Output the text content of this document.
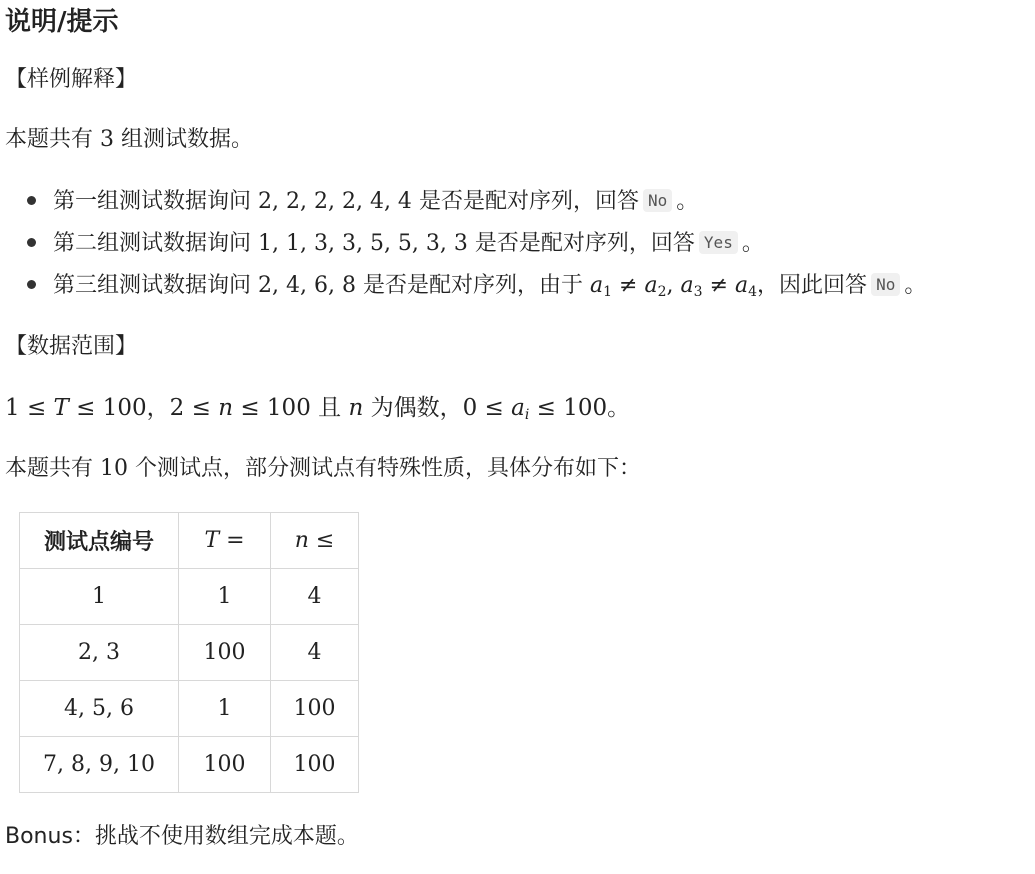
说明/提示
【样例解释】
本题共有 3 组测试数据。
第一组测试数据询问 2, 2, 2, 2, 4, 4 是否是配对序列，回答 No 。
第二组测试数据询问 1, 1, 3, 3, 5, 5, 3, 3 是否是配对序列，回答 Yes 。
第三组测试数据询问 2, 4, 6, 8 是否是配对序列，由于 $a_1 \ne a_2$, $a_3 \ne a_4$，因此回答 No 。
【数据范围】
1 ≤ T ≤ 100，2 ≤ n ≤ 100 且 n 为偶数，$0 \le a_i \le 100$。
本题共有 10 个测试点，部分测试点有特殊性质，具体分布如下：
测试点编号	T =	n ≤
1	1	4
2, 3	100	4
4, 5, 6	1	100
7, 8, 9, 10	100	100
Bonus：挑战不使用数组完成本题。
